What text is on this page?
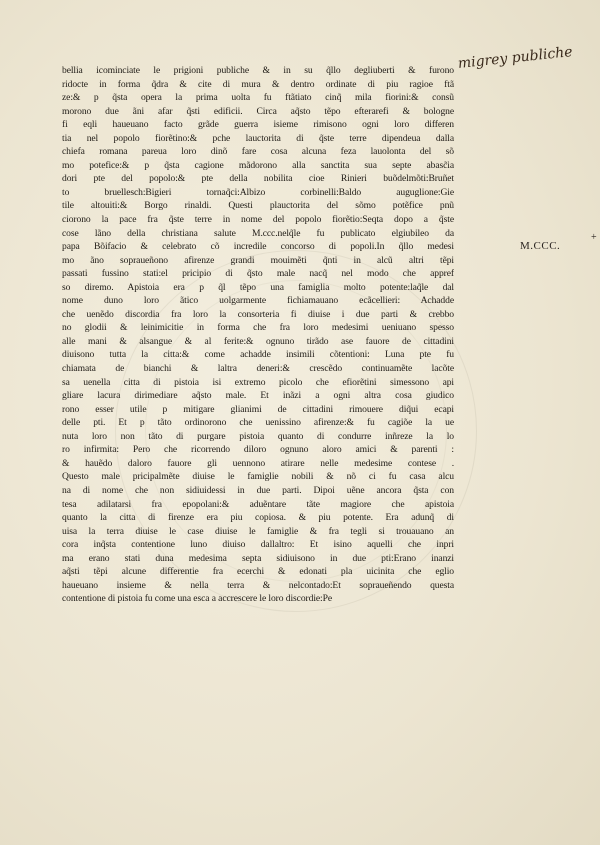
bellia icominciate le prigioni publiche & in su q̃llo degliuberti & furono
ridocte in forma q̃dra & cite di mura & dentro ordinate di piu ragioe ftã
ze:& p q̃sta opera la prima uolta fu ftãtiato cinq̃ mila fiorini:& consũ
morono due ãni afar q̃sti edificii. Circa aq̃sto tẽpo efterarefi & bologne
fi eqli haueuano facto grãde guerra isieme rimisono ogni loro differen
tia nel popolo fiorẽtino:& pche lauctorita di q̃ste terre dipendeua dalla
chiefa romana pareua loro dinõ fare cosa alcuna feza lauolonta del sõ
mo potefice:& p q̃sta cagione mãdorono alla sanctita sua septe abasc̃ia
dori pte del popolo:& pte della nobilita cioe Rinieri buõdelmõti:Bruñet
to bruellesch:Bigieri tornaq̃ci:Albizo corbinelli:Baldo auguglione:Gie
tile altouiti:& Borgo rinaldi. Questi plauctorita del sõmo potẽfice pnũ
ciorono la pace fra q̃ste terre in nome del popolo fiorẽtio:Seqta dopo a q̃ste
cose lãno della christiana salute M.ccc.nelq̃le fu publicato elgiubileo da
papa Bõifacio & celebrato cõ incredile concorso di popoli.In q̃llo medesi
mo ãno sopraueñono afirenze grandi mouimẽti q̃nti in alcũ altri tẽpi
passati fussino stati:el pricipio di q̃sto male nacq̃ nel modo che appref
so diremo. Apistoia era p q̃l tẽpo una famiglia molto potente:laq̃le dal
nome duno loro ãtico uolgarmente fichiamauano ecãcellieri: Achadde
che uenẽdo discordia fra loro la consorteria fi diuise i due parti & crebbo
no glodii & leinimicitie in forma che fra loro medesimi ueniuano spesso
alle mani & alsangue & al ferite:& ognuno tirãdo ase fauore de cittadini
diuisono tutta la citta:& come achadde insimili cõtentioni: Luna pte fu
chiamata de bianchi & laltra deneri:& crescẽdo continuamẽte lacõte
sa uenella citta di pistoia isi extremo picolo che efiorẽtini simessono api
gliare lacura dirimediare aq̃sto male. Et inãzi a ogni altra cosa giudico
rono esser utile p mitigare glianimi de cittadini rimouere diq̃ui ecapi
delle pti. Et p tãto ordinorono che uenissino afirenze:& fu cagiõe la ue
nuta loro non tãto di purgare pistoia quanto di condurre inñreze la lo
ro infirmita: Pero che ricorrendo diloro ognuno aloro amici & parenti :
& hauẽdo daloro fauore gli uennono atirare nelle medesime contese .
Questo male pricipalmẽte diuise le famiglie nobili & nõ ci fu casa alcu
na di nome che non sidiuidessi in due parti. Dipoi uẽne ancora q̃sta con
tesa adilatarsi fra epopolani:& aduẽntare tãte magiore che apistoia
quanto la citta di firenze era piu copiosa. & piu potente. Era adunq̃ di
uisa la terra diuise le case diuise le famiglie & fra tegli si trouauano an
cora inq̃sta contentione luno diuiso dallaltro: Et isino aquelli che inpri
ma erano stati duna medesima septa sidiuisono in due pti:Erano inanzi
aq̃sti tẽpi alcune differentie fra ecerchi & edonati pla uicinita che eglio
haueuano insieme & nella terra & nelcontado:Et sopraueñendo questa
contentione di pistoia fu come una esca a accrescere le loro discordie:Pe
migrey publiche
+
M.CCC.
